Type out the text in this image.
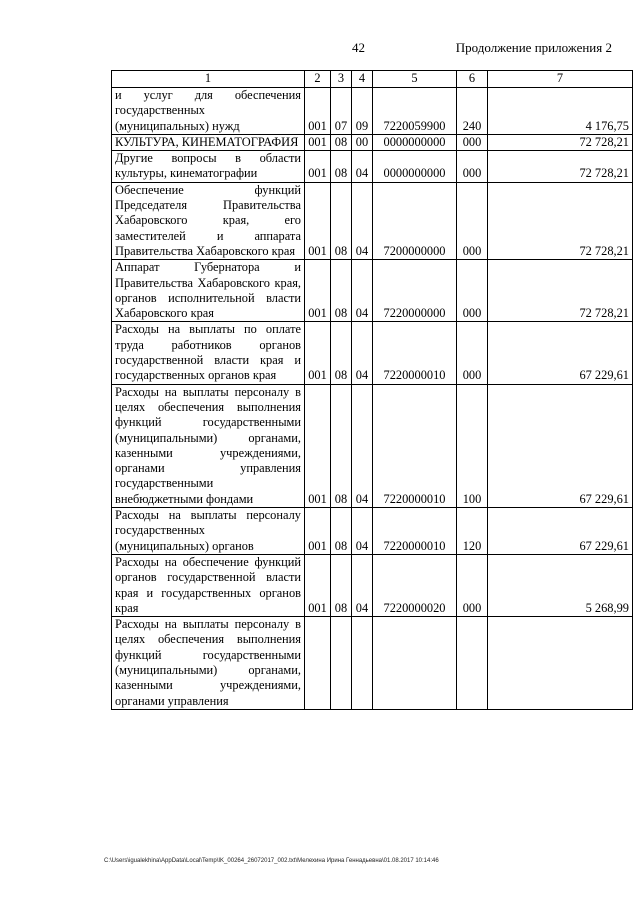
42	Продолжение приложения 2
1	2	3	4	5	6	7
и услуг для обеспечения государственных (муниципальных) нужд	001	07	09	7220059900	240	4 176,75
КУЛЬТУРА, КИНЕМАТОГРАФИЯ	001	08	00	0000000000	000	72 728,21
Другие вопросы в области культуры, кинематографии	001	08	04	0000000000	000	72 728,21
Обеспечение функций Председателя Правительства Хабаровского края, его заместителей и аппарата Правительства Хабаровского края	001	08	04	7200000000	000	72 728,21
Аппарат Губернатора и Правительства Хабаровского края, органов исполнительной власти Хабаровского края	001	08	04	7220000000	000	72 728,21
Расходы на выплаты по оплате труда работников органов государственной власти края и государственных органов края	001	08	04	7220000010	000	67 229,61
Расходы на выплаты персоналу в целях обеспечения выполнения функций государственными (муниципальными) органами, казенными учреждениями, органами управления государственными внебюджетными фондами	001	08	04	7220000010	100	67 229,61
Расходы на выплаты персоналу государственных (муниципальных) органов	001	08	04	7220000010	120	67 229,61
Расходы на обеспечение функций органов государственной власти края и государственных органов края	001	08	04	7220000020	000	5 268,99
Расходы на выплаты персоналу в целях обеспечения выполнения функций государственными (муниципальными) органами, казенными учреждениями, органами управления						
C:\Users\igualekhina\AppData\Local\Temp\IK_00264_26072017_002.txt\Мелехина Ирина Геннадьевна\01.08.2017 10:14:46
